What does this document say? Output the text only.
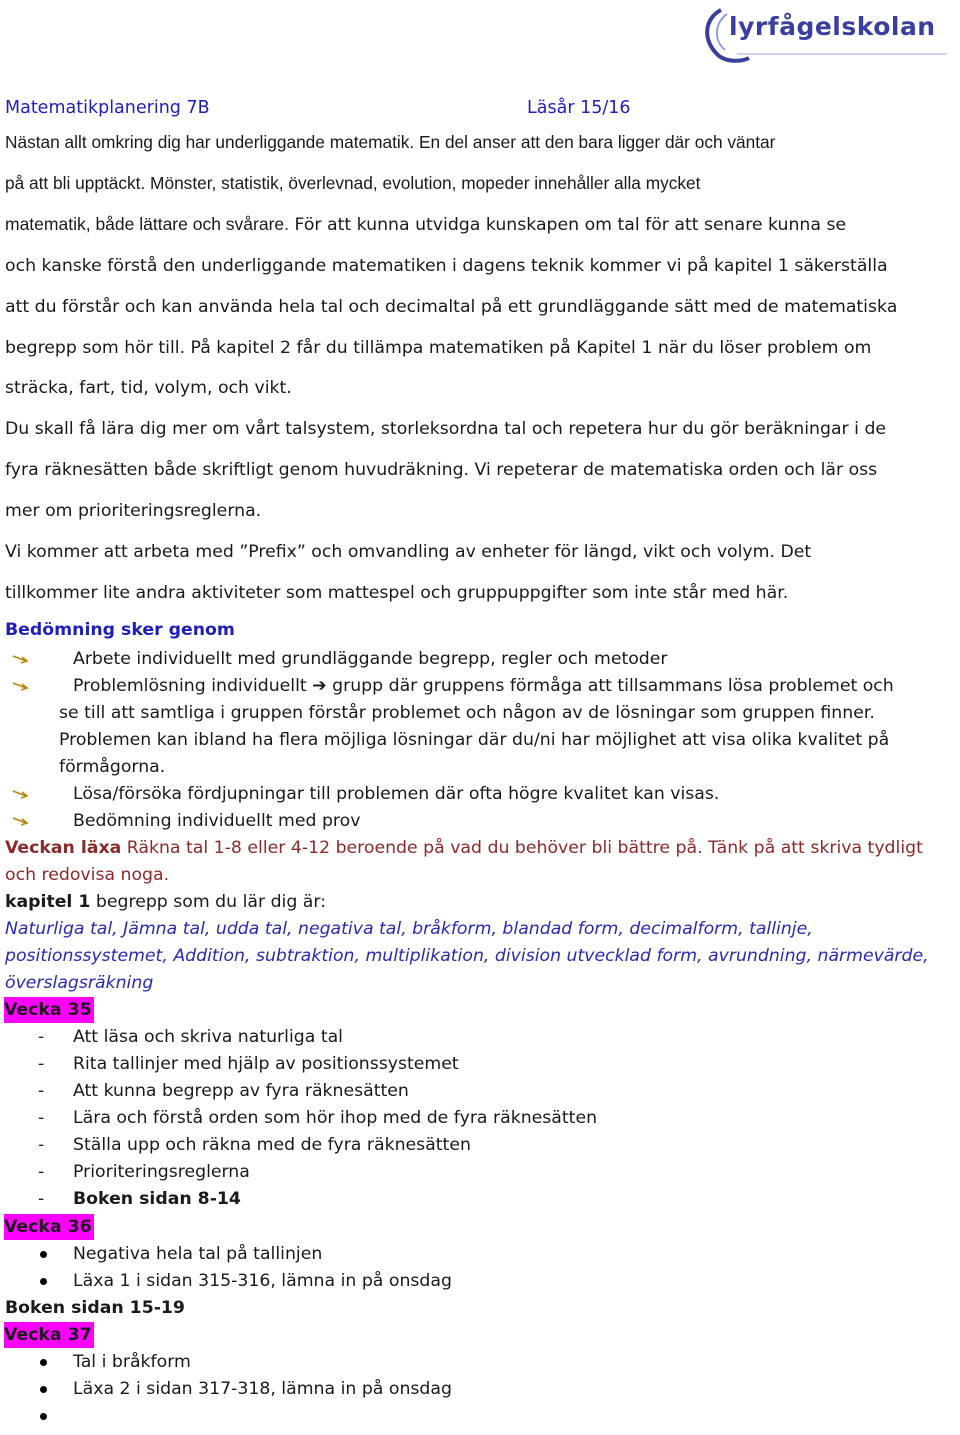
lyrfågelskolan
Matematikplanering 7B	Läsår 15/16

Nästan allt omkring dig har underliggande matematik. En del anser att den bara ligger där och väntar

på att bli upptäckt. Mönster, statistik, överlevnad, evolution, mopeder innehåller alla mycket

matematik, både lättare och svårare. För att kunna utvidga kunskapen om tal för att senare kunna se

och kanske förstå den underliggande matematiken i dagens teknik kommer vi på kapitel 1 säkerställa

att du förstår och kan använda hela tal och decimaltal på ett grundläggande sätt med de matematiska

begrepp som hör till. På kapitel 2 får du tillämpa matematiken på Kapitel 1 när du löser problem om

sträcka, fart, tid, volym, och vikt.

Du skall få lära dig mer om vårt talsystem, storleksordna tal och repetera hur du gör beräkningar i de

fyra räknesätten både skriftligt genom huvudräkning. Vi repeterar de matematiska orden och lär oss

mer om prioriteringsreglerna.

Vi kommer att arbeta med ”Prefix” och omvandling av enheter för längd, vikt och volym. Det

tillkommer lite andra aktiviteter som mattespel och gruppuppgifter som inte står med här.

Bedömning sker genom
Arbete individuellt med grundläggande begrepp, regler och metoder
Problemlösning individuellt ➔ grupp där gruppens förmåga att tillsammans lösa problemet och
se till att samtliga i gruppen förstår problemet och någon av de lösningar som gruppen finner. Problemen kan ibland ha flera möjliga lösningar där du/ni har möjlighet att visa olika kvalitet på förmågorna.
Lösa/försöka fördjupningar till problemen där ofta högre kvalitet kan visas.
Bedömning individuellt med prov

Veckan läxa Räkna tal 1-8 eller 4-12 beroende på vad du behöver bli bättre på. Tänk på att skriva tydligt och redovisa noga.

kapitel 1 begrepp som du lär dig är:

Naturliga tal, Jämna tal, udda tal, negativa tal, bråkform, blandad form, decimalform, tallinje, positionssystemet, Addition, subtraktion, multiplikation, division utvecklad form, avrundning, närmevärde, överslagsräkning

Vecka 35
- Att läsa och skriva naturliga tal
- Rita tallinjer med hjälp av positionssystemet
- Att kunna begrepp av fyra räknesätten
- Lära och förstå orden som hör ihop med de fyra räknesätten
- Ställa upp och räkna med de fyra räknesätten
- Prioriteringsreglerna
- Boken sidan 8-14
Vecka 36
Negativa hela tal på tallinjen
Läxa 1 i sidan 315-316, lämna in på onsdag
Boken sidan 15-19
Vecka 37
Tal i bråkform
Läxa 2 i sidan 317-318, lämna in på onsdag
